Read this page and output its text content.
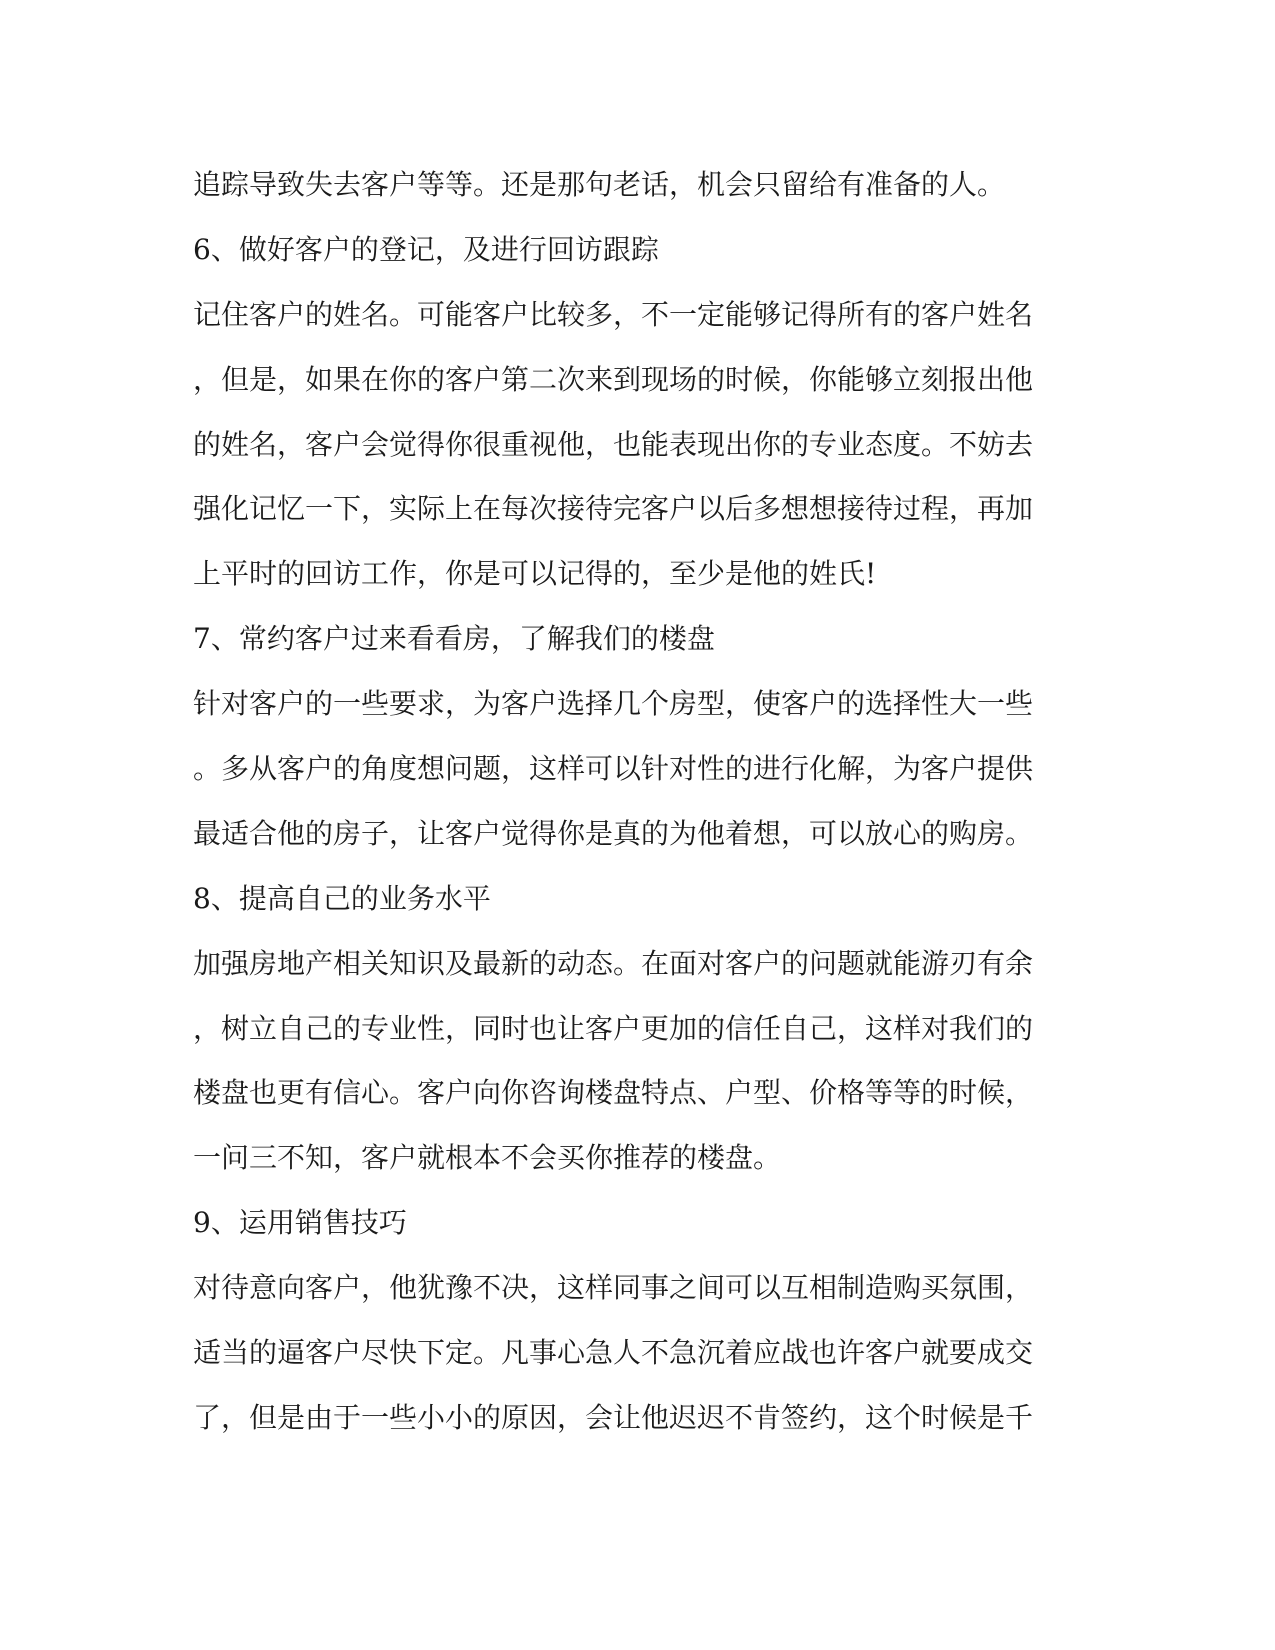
追踪导致失去客户等等。还是那句老话，机会只留给有准备的人。
6、做好客户的登记，及进行回访跟踪
记住客户的姓名。可能客户比较多，不一定能够记得所有的客户姓名
，但是，如果在你的客户第二次来到现场的时候，你能够立刻报出他
的姓名，客户会觉得你很重视他，也能表现出你的专业态度。不妨去
强化记忆一下，实际上在每次接待完客户以后多想想接待过程，再加
上平时的回访工作，你是可以记得的，至少是他的姓氏!
7、常约客户过来看看房，了解我们的楼盘
针对客户的一些要求，为客户选择几个房型，使客户的选择性大一些
。多从客户的角度想问题，这样可以针对性的进行化解，为客户提供
最适合他的房子，让客户觉得你是真的为他着想，可以放心的购房。
8、提高自己的业务水平
加强房地产相关知识及最新的动态。在面对客户的问题就能游刃有余
，树立自己的专业性，同时也让客户更加的信任自己，这样对我们的
楼盘也更有信心。客户向你咨询楼盘特点、户型、价格等等的时候，
一问三不知，客户就根本不会买你推荐的楼盘。
9、运用销售技巧
对待意向客户，他犹豫不决，这样同事之间可以互相制造购买氛围，
适当的逼客户尽快下定。凡事心急人不急沉着应战也许客户就要成交
了，但是由于一些小小的原因，会让他迟迟不肯签约，这个时候是千
